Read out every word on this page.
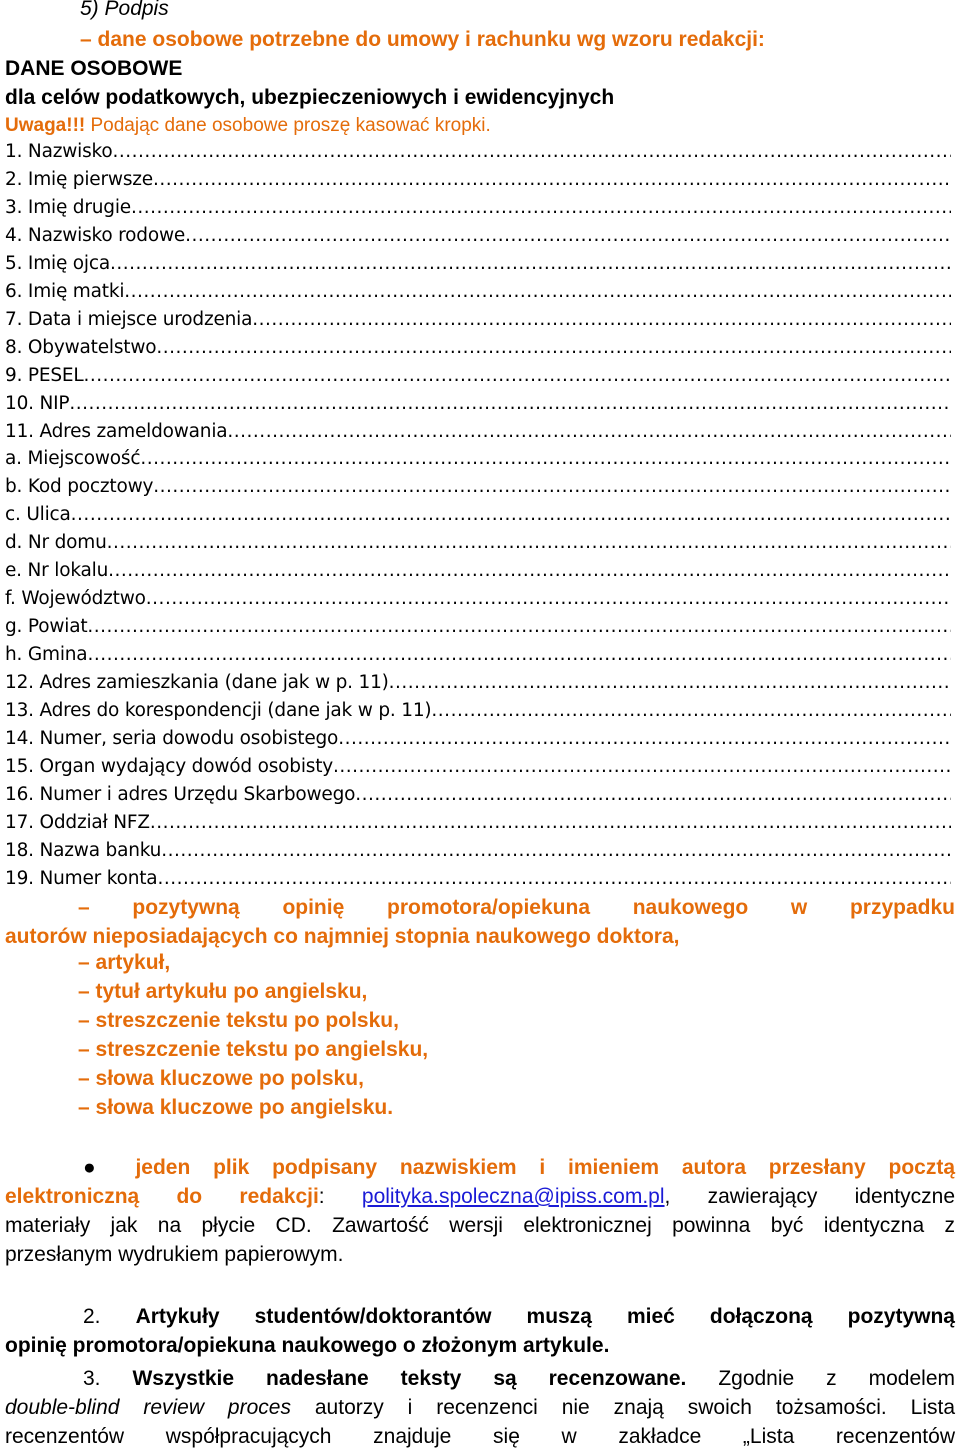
5) Podpis
– dane osobowe potrzebne do umowy i rachunku wg wzoru redakcji:
DANE OSOBOWE
dla celów podatkowych, ubezpieczeniowych i ewidencyjnych
Uwaga!!! Podając dane osobowe proszę kasować kropki.
1. Nazwisko
.....
2. Imię pierwsze
.....
3. Imię drugie
.....
4. Nazwisko rodowe
.....
5. Imię ojca
.....
6. Imię matki
.....
7. Data i miejsce urodzenia
.....
8. Obywatelstwo
.....
9. PESEL
.....
10. NIP
.....
11. Adres zameldowania
.....
a. Miejscowość
.....
b. Kod pocztowy
.....
c. Ulica
.....
d. Nr domu
.....
e. Nr lokalu
.....
f. Województwo
.....
g. Powiat
.....
h. Gmina
.....
12. Adres zamieszkania (dane jak w p. 11)
.....
13. Adres do korespondencji (dane jak w p. 11)
.....
14. Numer, seria dowodu osobistego
.....
15. Organ wydający dowód osobisty
.....
16. Numer i adres Urzędu Skarbowego
.....
17. Oddział NFZ
.....
18. Nazwa banku
.....
19. Numer konta
.....
– pozytywną opinię promotora/opiekuna naukowego w przypadku
autorów nieposiadających co najmniej stopnia naukowego doktora,
– artykuł,
– tytuł artykułu po angielsku,
– streszczenie tekstu po polsku,
– streszczenie tekstu po angielsku,
– słowa kluczowe po polsku,
– słowa kluczowe po angielsku.
● jeden plik podpisany nazwiskiem i imieniem autora przesłany pocztą
elektroniczną do redakcji: polityka.spoleczna@ipiss.com.pl, zawierający identyczne
materiały jak na płycie CD. Zawartość wersji elektronicznej powinna być identyczna z
przesłanym wydrukiem papierowym.
2. Artykuły studentów/doktorantów muszą mieć dołączoną pozytywną
opinię promotora/opiekuna naukowego o złożonym artykule.
3. Wszystkie nadesłane teksty są recenzowane. Zgodnie z modelem
double-blind review proces autorzy i recenzenci nie znają swoich tożsamości. Lista
recenzentów współpracujących znajduje się w zakładce „Lista recenzentów
